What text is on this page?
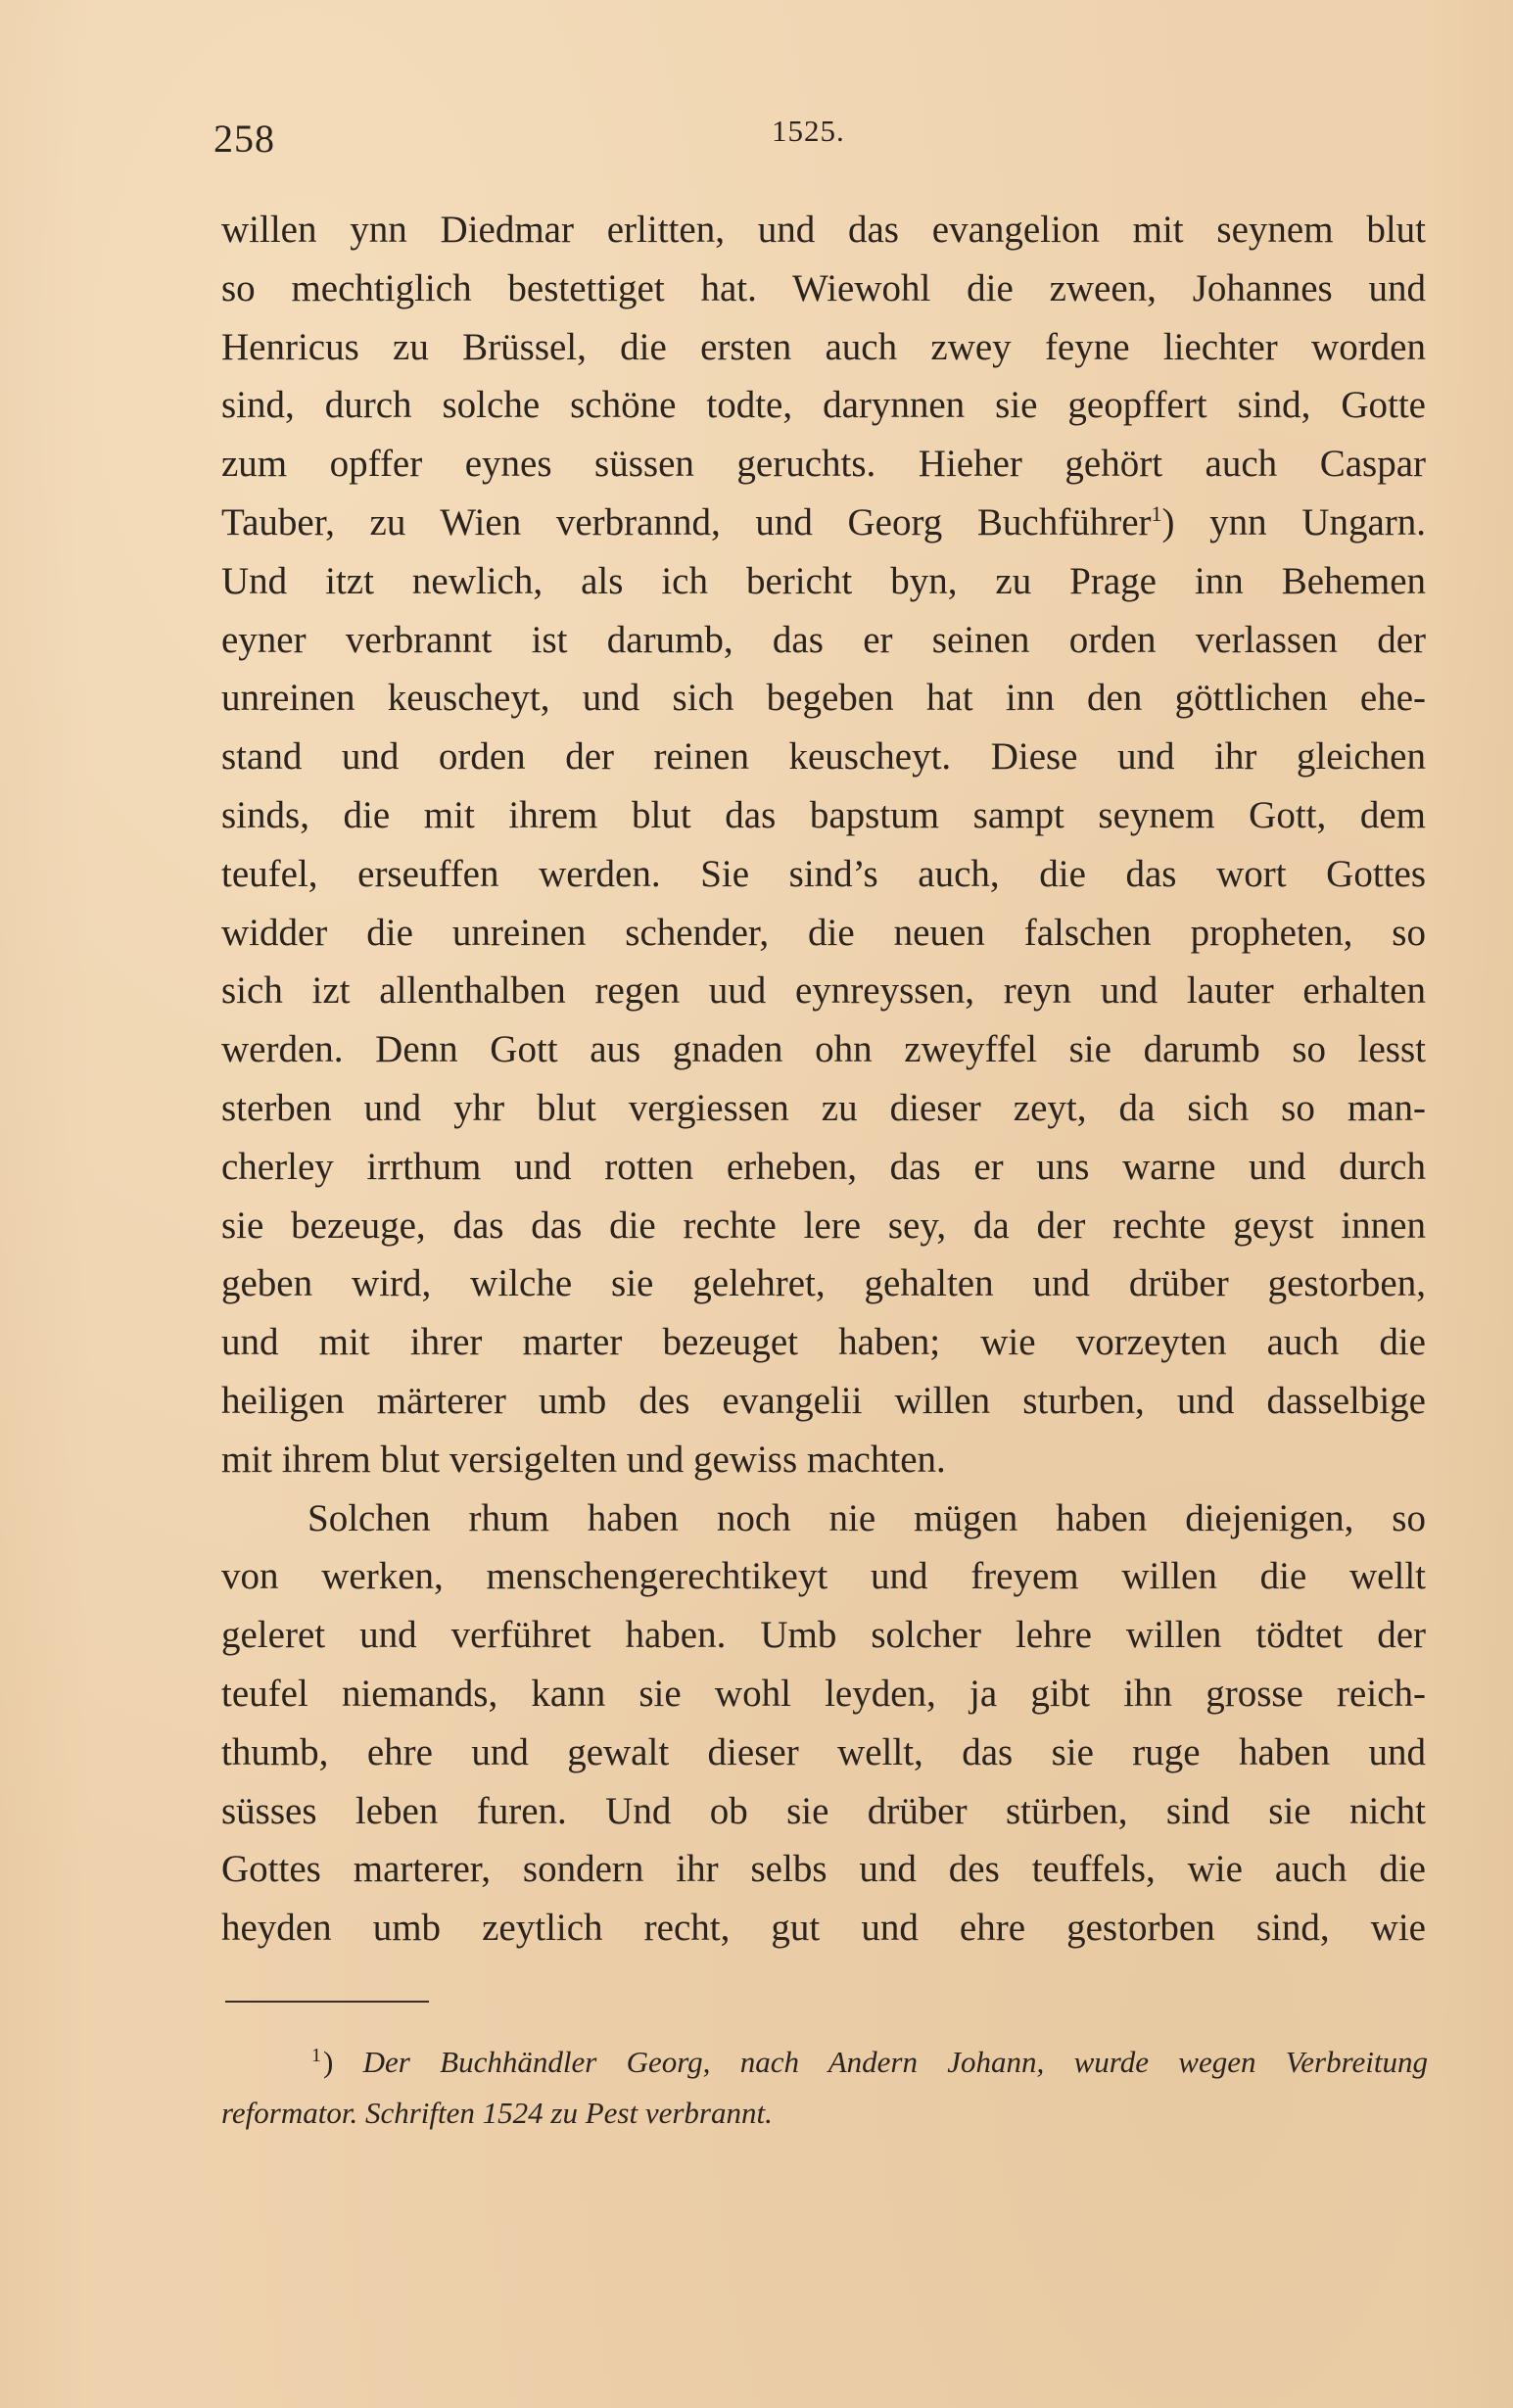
258	1525.
willen ynn Diedmar erlitten, und das evangelion mit seynem blut
so mechtiglich bestettiget hat. Wiewohl die zween, Johannes und
Henricus zu Brüssel, die ersten auch zwey feyne liechter worden
sind, durch solche schöne todte, darynnen sie geopffert sind, Gotte
zum opffer eynes süssen geruchts. Hieher gehört auch Caspar
Tauber, zu Wien verbrannd, und Georg Buchführer$^1$) ynn Ungarn.
Und itzt newlich, als ich bericht byn, zu Prage inn Behemen
eyner verbrannt ist darumb, das er seinen orden verlassen der
unreinen keuscheyt, und sich begeben hat inn den göttlichen ehe-
stand und orden der reinen keuscheyt. Diese und ihr gleichen
sinds, die mit ihrem blut das bapstum sampt seynem Gott, dem
teufel, erseuffen werden. Sie sind’s auch, die das wort Gottes
widder die unreinen schender, die neuen falschen propheten, so
sich izt allenthalben regen uud eynreyssen, reyn und lauter erhalten
werden. Denn Gott aus gnaden ohn zweyffel sie darumb so lesst
sterben und yhr blut vergiessen zu dieser zeyt, da sich so man-
cherley irrthum und rotten erheben, das er uns warne und durch
sie bezeuge, das das die rechte lere sey, da der rechte geyst innen
geben wird, wilche sie gelehret, gehalten und drüber gestorben,
und mit ihrer marter bezeuget haben; wie vorzeyten auch die
heiligen märterer umb des evangelii willen sturben, und dasselbige
mit ihrem blut versigelten und gewiss machten.
Solchen rhum haben noch nie mügen haben diejenigen, so
von werken, menschengerechtikeyt und freyem willen die wellt
geleret und verführet haben. Umb solcher lehre willen tödtet der
teufel niemands, kann sie wohl leyden, ja gibt ihn grosse reich-
thumb, ehre und gewalt dieser wellt, das sie ruge haben und
süsses leben furen. Und ob sie drüber stürben, sind sie nicht
Gottes marterer, sondern ihr selbs und des teuffels, wie auch die
heyden umb zeytlich recht, gut und ehre gestorben sind, wie
$^1$) Der Buchhändler Georg, nach Andern Johann, wurde wegen Verbreitung
reformator. Schriften 1524 zu Pest verbrannt.
